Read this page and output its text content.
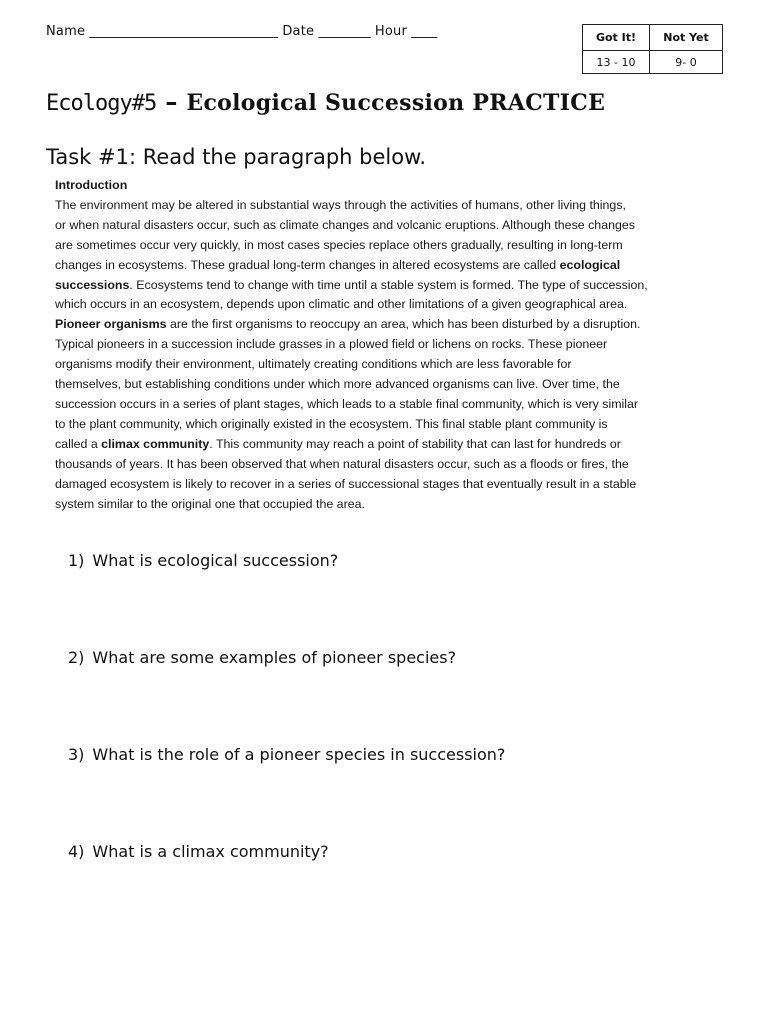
Name _____________________________ Date ________ Hour ____	Got It!	Not Yet
13 - 10	9- 0
Ecology#5 – Ecological Succession PRACTICE
Task #1: Read the paragraph below.
Introduction
The environment may be altered in substantial ways through the activities of humans, other living things,
or when natural disasters occur, such as climate changes and volcanic eruptions. Although these changes
are sometimes occur very quickly, in most cases species replace others gradually, resulting in long-term
changes in ecosystems. These gradual long-term changes in altered ecosystems are called ecological
successions. Ecosystems tend to change with time until a stable system is formed. The type of succession,
which occurs in an ecosystem, depends upon climatic and other limitations of a given geographical area.
Pioneer organisms are the first organisms to reoccupy an area, which has been disturbed by a disruption.
Typical pioneers in a succession include grasses in a plowed field or lichens on rocks. These pioneer
organisms modify their environment, ultimately creating conditions which are less favorable for
themselves, but establishing conditions under which more advanced organisms can live. Over time, the
succession occurs in a series of plant stages, which leads to a stable final community, which is very similar
to the plant community, which originally existed in the ecosystem. This final stable plant community is
called a climax community. This community may reach a point of stability that can last for hundreds or
thousands of years. It has been observed that when natural disasters occur, such as a floods or fires, the
damaged ecosystem is likely to recover in a series of successional stages that eventually result in a stable
system similar to the original one that occupied the area.
1) What is ecological succession?
2) What are some examples of pioneer species?
3) What is the role of a pioneer species in succession?
4) What is a climax community?
